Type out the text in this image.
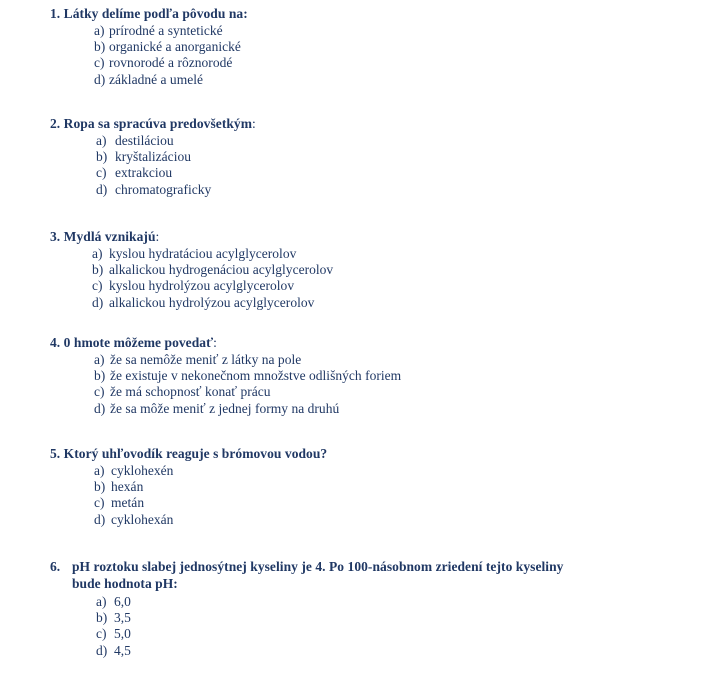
1. Látky delíme podľa pôvodu na:
a) prírodné a syntetické
b) organické a anorganické
c) rovnorodé a rôznorodé
d) základné a umelé
2. Ropa sa spracúva predovšetkým:
a) destiláciou
b) kryštalizáciou
c) extrakciou
d) chromatograficky
3. Mydlá vznikajú:
a) kyslou hydratáciou acylglycerolov
b) alkalickou hydrogenáciou acylglycerolov
c) kyslou hydrolýzou acylglycerolov
d) alkalickou hydrolýzou acylglycerolov
4. 0 hmote môžeme povedať:
a) že sa nemôže meniť z látky na pole
b) že existuje v nekonečnom množstve odlišných foriem
c) že má schopnosť konať prácu
d) že sa môže meniť z jednej formy na druhú
5. Ktorý uhľovodík reaguje s brómovou vodou?
a) cyklohexén
b) hexán
c) metán
d) cyklohexán
6. pH roztoku slabej jednosýtnej kyseliny je 4. Po 100-násobnom zriedení tejto kyseliny
bude hodnota pH:
a) 6,0
b) 3,5
c) 5,0
d) 4,5
